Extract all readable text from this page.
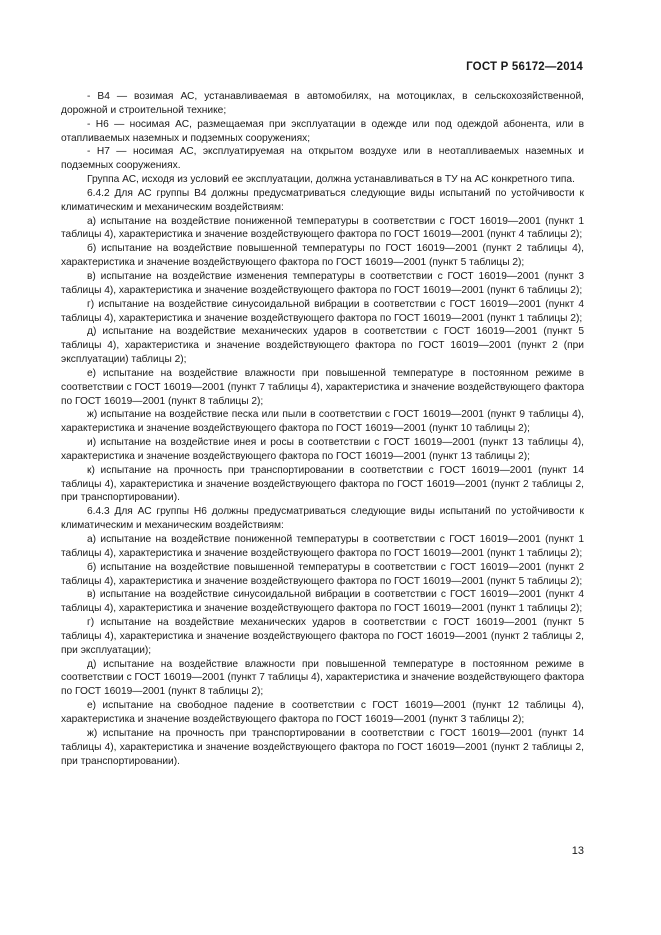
ГОСТ Р 56172—2014

- В4 — возимая АС, устанавливаемая в автомобилях, на мотоциклах, в сельскохозяйственной, дорожной и строительной технике;

- Н6 — носимая АС, размещаемая при эксплуатации в одежде или под одеждой абонента, или в отапливаемых наземных и подземных сооружениях;

- Н7 — носимая АС, эксплуатируемая на открытом воздухе или в неотапливаемых наземных и подземных сооружениях.

Группа АС, исходя из условий ее эксплуатации, должна устанавливаться в ТУ на АС конкретного типа.

6.4.2 Для АС группы В4 должны предусматриваться следующие виды испытаний по устойчивости к климатическим и механическим воздействиям:

а) испытание на воздействие пониженной температуры в соответствии с ГОСТ 16019—2001 (пункт 1 таблицы 4), характеристика и значение воздействующего фактора по ГОСТ 16019—2001 (пункт 4 таблицы 2);

б) испытание на воздействие повышенной температуры по ГОСТ 16019—2001 (пункт 2 таблицы 4), характеристика и значение воздействующего фактора по ГОСТ 16019—2001 (пункт 5 таблицы 2);

в) испытание на воздействие изменения температуры в соответствии с ГОСТ 16019—2001 (пункт 3 таблицы 4), характеристика и значение воздействующего фактора по ГОСТ 16019—2001 (пункт 6 таблицы 2);

г) испытание на воздействие синусоидальной вибрации в соответствии с ГОСТ 16019—2001 (пункт 4 таблицы 4), характеристика и значение воздействующего фактора по ГОСТ 16019—2001 (пункт 1 таблицы 2);

д) испытание на воздействие механических ударов в соответствии с ГОСТ 16019—2001 (пункт 5 таблицы 4), характеристика и значение воздействующего фактора по ГОСТ 16019—2001 (пункт 2 (при эксплуатации) таблицы 2);

е) испытание на воздействие влажности при повышенной температуре в постоянном режиме в соответствии с ГОСТ 16019—2001 (пункт 7 таблицы 4), характеристика и значение воздействующего фактора по ГОСТ 16019—2001 (пункт 8 таблицы 2);

ж) испытание на воздействие песка или пыли в соответствии с ГОСТ 16019—2001 (пункт 9 таблицы 4), характеристика и значение воздействующего фактора по ГОСТ 16019—2001 (пункт 10 таблицы 2);

и) испытание на воздействие инея и росы в соответствии с ГОСТ 16019—2001 (пункт 13 таблицы 4), характеристика и значение воздействующего фактора по ГОСТ 16019—2001 (пункт 13 таблицы 2);

к) испытание на прочность при транспортировании в соответствии с ГОСТ 16019—2001 (пункт 14 таблицы 4), характеристика и значение воздействующего фактора по ГОСТ 16019—2001 (пункт 2 таблицы 2, при транспортировании).

6.4.3 Для АС группы Н6 должны предусматриваться следующие виды испытаний по устойчивости к климатическим и механическим воздействиям:

а) испытание на воздействие пониженной температуры в соответствии с ГОСТ 16019—2001 (пункт 1 таблицы 4), характеристика и значение воздействующего фактора по ГОСТ 16019—2001 (пункт 1 таблицы 2);

б) испытание на воздействие повышенной температуры в соответствии с ГОСТ 16019—2001 (пункт 2 таблицы 4), характеристика и значение воздействующего фактора по ГОСТ 16019—2001 (пункт 5 таблицы 2);

в) испытание на воздействие синусоидальной вибрации в соответствии с ГОСТ 16019—2001 (пункт 4 таблицы 4), характеристика и значение воздействующего фактора по ГОСТ 16019—2001 (пункт 1 таблицы 2);

г) испытание на воздействие механических ударов в соответствии с ГОСТ 16019—2001 (пункт 5 таблицы 4), характеристика и значение воздействующего фактора по ГОСТ 16019—2001 (пункт 2 таблицы 2, при эксплуатации);

д) испытание на воздействие влажности при повышенной температуре в постоянном режиме в соответствии с ГОСТ 16019—2001 (пункт 7 таблицы 4), характеристика и значение воздействующего фактора по ГОСТ 16019—2001 (пункт 8 таблицы 2);

е) испытание на свободное падение в соответствии с ГОСТ 16019—2001 (пункт 12 таблицы 4), характеристика и значение воздействующего фактора по ГОСТ 16019—2001 (пункт 3 таблицы 2);

ж) испытание на прочность при транспортировании в соответствии с ГОСТ 16019—2001 (пункт 14 таблицы 4), характеристика и значение воздействующего фактора по ГОСТ 16019—2001 (пункт 2 таблицы 2, при транспортировании).

13
